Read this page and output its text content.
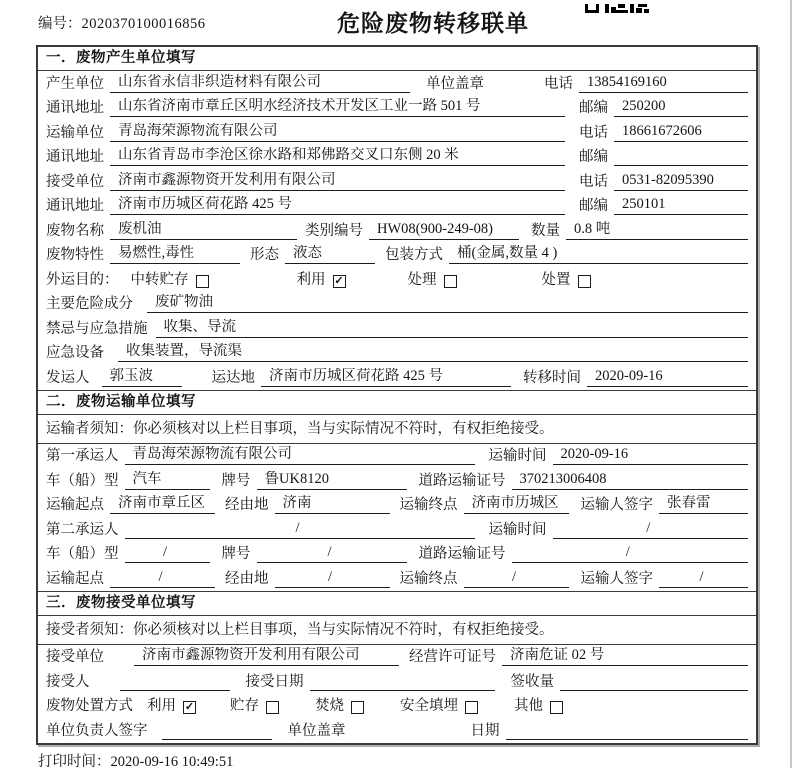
编号：2020370100016856	危险废物转移联单
一．废物产生单位填写
产生单位 山东省永信非织造材料有限公司	单位盖章	电话 13854169160
通讯地址 山东省济南市章丘区明水经济技术开发区工业一路 501 号	邮编 250200
运输单位 青岛海荣源物流有限公司	电话 18661672606
通讯地址 山东省青岛市李沧区徐水路和郑佛路交叉口东侧 20 米	邮编
接受单位 济南市鑫源物资开发利用有限公司	电话 0531-82095390
通讯地址 济南市历城区荷花路 425 号	邮编 250101
废物名称 废机油	类别编号 HW08(900-249-08)	数量 0.8 吨
废物特性 易燃性,毒性	形态 液态	包装方式 桶(金属,数量 4 )
外运目的： 中转贮存	利用 ✓	处理	处置
主要危险成分	废矿物油
禁忌与应急措施	收集、导流
应急设备	收集装置，导流渠
发运人	郭玉波	运达地 济南市历城区荷花路 425 号	转移时间 2020-09-16
二．废物运输单位填写
运输者须知：你必须核对以上栏目事项，当与实际情况不符时，有权拒绝接受。
第一承运人 青岛海荣源物流有限公司	运输时间 2020-09-16
车（船）型 汽车	牌号 鲁UK8120	道路运输证号 370213006408
运输起点 济南市章丘区	经由地 济南	运输终点 济南市历城区	运输人签字 张春雷
第二承运人	/	运输时间	/
车（船）型	/	牌号	/	道路运输证号	/
运输起点	/	经由地	/	运输终点	/	运输人签字	/
三．废物接受单位填写
接受者须知：你必须核对以上栏目事项，当与实际情况不符时，有权拒绝接受。
接受单位	济南市鑫源物资开发利用有限公司	经营许可证号 济南危证 02 号
接受人	接受日期	签收量
废物处置方式 利用 ✓ 贮存	焚烧	安全填埋	其他
单位负责人签字	单位盖章	日期
打印时间：2020-09-16 10:49:51
